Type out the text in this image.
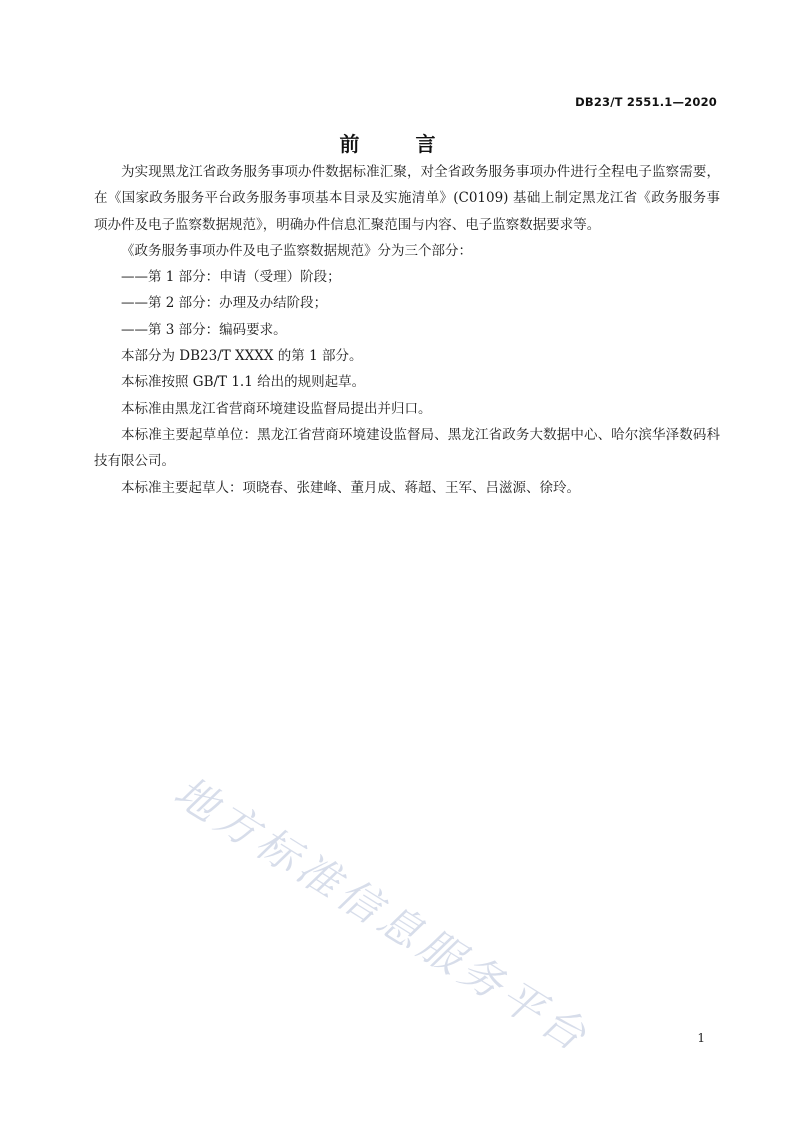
DB23/T 2551.1—2020
前　言

为实现黑龙江省政务服务事项办件数据标准汇聚，对全省政务服务事项办件进行全程电子监察需要，在《国家政务服务平台政务服务事项基本目录及实施清单》(C0109) 基础上制定黑龙江省《政务服务事项办件及电子监察数据规范》，明确办件信息汇聚范围与内容、电子监察数据要求等。

《政务服务事项办件及电子监察数据规范》分为三个部分：

——第 1 部分：申请（受理）阶段；

——第 2 部分：办理及办结阶段；

——第 3 部分：编码要求。

本部分为 DB23/T XXXX 的第 1 部分。

本标准按照 GB/T 1.1 给出的规则起草。

本标准由黑龙江省营商环境建设监督局提出并归口。

本标准主要起草单位：黑龙江省营商环境建设监督局、黑龙江省政务大数据中心、哈尔滨华泽数码科技有限公司。

本标准主要起草人：项晓春、张建峰、董月成、蒋超、王军、吕滋源、徐玲。

地方标准信息服务平台	1
